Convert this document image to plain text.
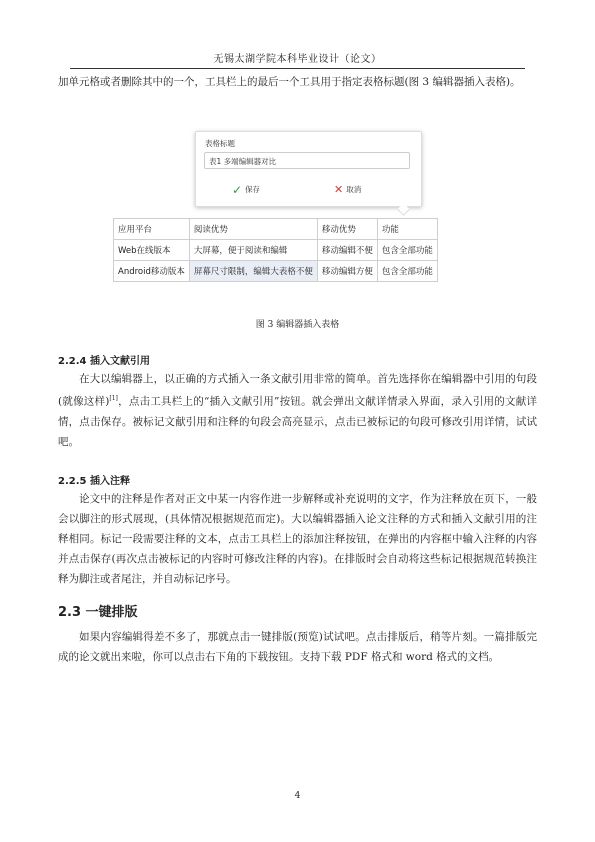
无锡太湖学院本科毕业设计（论文）
加单元格或者删除其中的一个，工具栏上的最后一个工具用于指定表格标题(图 3 编辑器插入表格)。
表格标题
表1 多端编辑器对比
✓ 保存	✕ 取消
应用平台	阅读优势	移动优势	功能
Web在线版本	大屏幕，便于阅读和编辑	移动编辑不便	包含全部功能
Android移动版本	屏幕尺寸限制，编辑大表格不便	移动编辑方便	包含全部功能
图 3 编辑器插入表格
2.2.4 插入文献引用
在大以编辑器上，以正确的方式插入一条文献引用非常的简单。首先选择你在编辑器中引用的句段(就像这样)[1]，点击工具栏上的“插入文献引用”按钮。就会弹出文献详情录入界面，录入引用的文献详情，点击保存。被标记文献引用和注释的句段会高亮显示，点击已被标记的句段可修改引用详情，试试吧。
2.2.5 插入注释
论文中的注释是作者对正文中某一内容作进一步解释或补充说明的文字，作为注释放在页下，一般会以脚注的形式展现，(具体情况根据规范而定)。大以编辑器插入论文注释的方式和插入文献引用的注释相同。标记一段需要注释的文本，点击工具栏上的添加注释按钮，在弹出的内容框中输入注释的内容并点击保存(再次点击被标记的内容时可修改注释的内容)。在排版时会自动将这些标记根据规范转换注释为脚注或者尾注，并自动标记序号。
2.3 一键排版
如果内容编辑得差不多了，那就点击一键排版(预览)试试吧。点击排版后，稍等片刻。一篇排版完成的论文就出来啦，你可以点击右下角的下载按钮。支持下载 PDF 格式和 word 格式的文档。
4
